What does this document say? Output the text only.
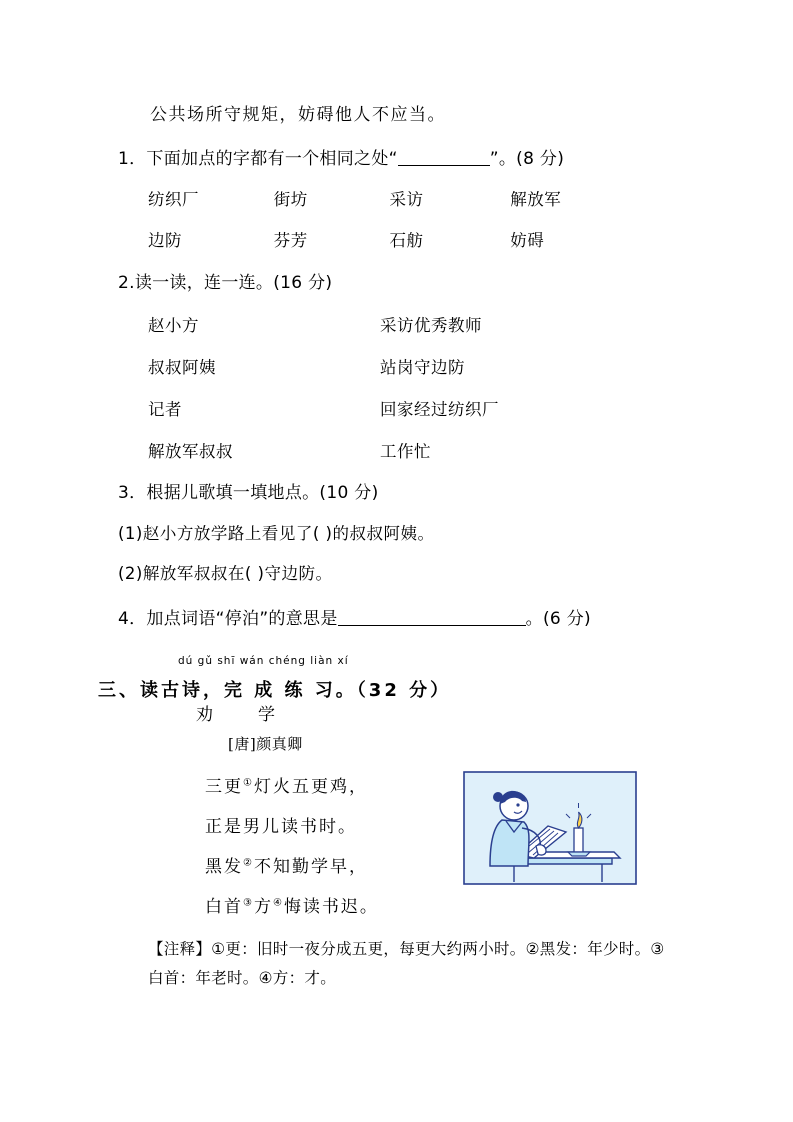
公共场所守规矩，妨碍他人不应当。
1．下面加点的字都有一个相同之处“	”。(8 分)
纺织厂	街坊	采访	解放军
边防	芬芳	石舫	妨碍
2.读一读，连一连。(16 分)
赵小方
叔叔阿姨
记者
解放军叔叔
采访优秀教师
站岗守边防
回家经过纺织厂
工作忙
3．根据儿歌填一填地点。(10 分)
(1)赵小方放学路上看见了( )的叔叔阿姨。
(2)解放军叔叔在( )守边防。
4．加点词语“停泊”的意思是	。(6 分)
dú gǔ shī wán chéng liàn xí
三、读古诗，完 成 练 习。（32 分）
劝　学
[唐]颜真卿
三更①灯火五更鸡，
正是男儿读书时。
黑发②不知勤学早，
白首③方④悔读书迟。
【注释】①更：旧时一夜分成五更，每更大约两小时。②黑发：年少时。③白首：年老时。④方：才。
